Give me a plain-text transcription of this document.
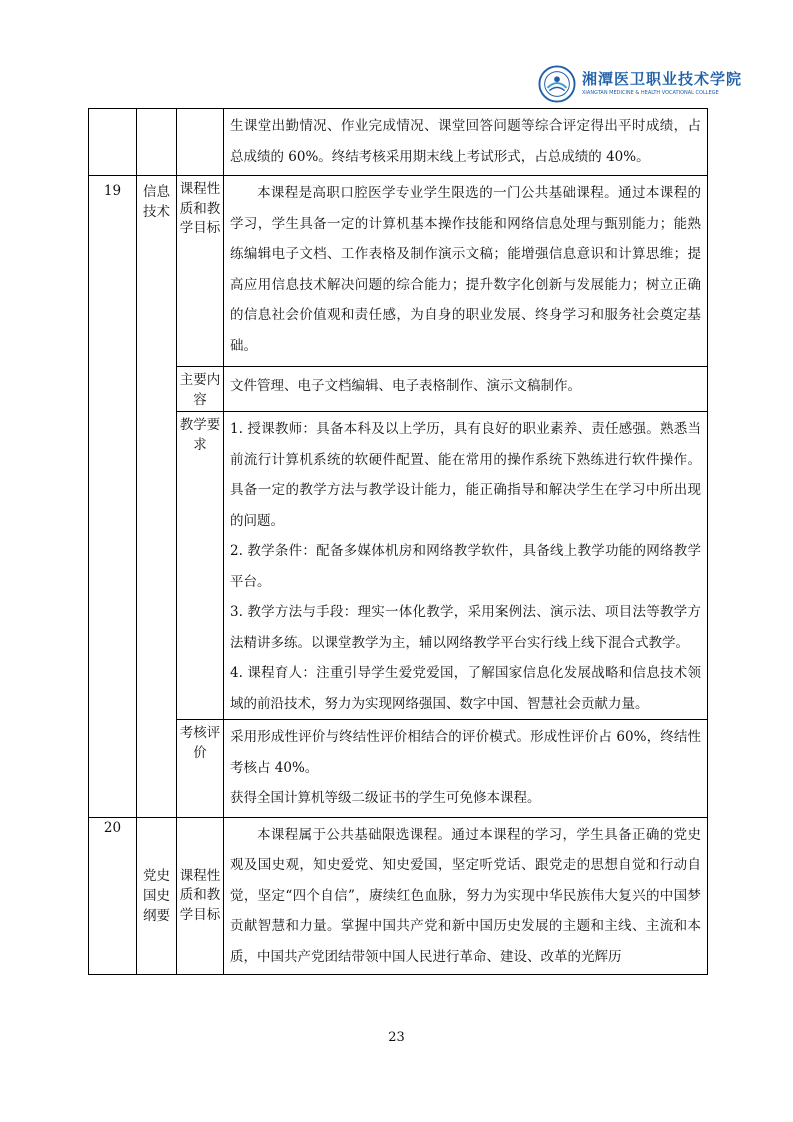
湘潭医卫职业技术学院
XIANGTAN MEDICINE & HEALTH VOCATIONAL COLLEGE

			生课堂出勤情况、作业完成情况、课堂回答问题等综合评定得出平时成绩，占总成绩的 60%。终结考核采用期末线上考试形式，占总成绩的 40%。

19	信息技术	课程性质和教学目标	本课程是高职口腔医学专业学生限选的一门公共基础课程。通过本课程的学习，学生具备一定的计算机基本操作技能和网络信息处理与甄别能力；能熟练编辑电子文档、工作表格及制作演示文稿；能增强信息意识和计算思维；提高应用信息技术解决问题的综合能力；提升数字化创新与发展能力；树立正确的信息社会价值观和责任感，为自身的职业发展、终身学习和服务社会奠定基础。

		主要内容	文件管理、电子文档编辑、电子表格制作、演示文稿制作。

		教学要求	1. 授课教师：具备本科及以上学历，具有良好的职业素养、责任感强。熟悉当前流行计算机系统的软硬件配置、能在常用的操作系统下熟练进行软件操作。具备一定的教学方法与教学设计能力，能正确指导和解决学生在学习中所出现的问题。

2. 教学条件：配备多媒体机房和网络教学软件，具备线上教学功能的网络教学平台。

3. 教学方法与手段：理实一体化教学，采用案例法、演示法、项目法等教学方法精讲多练。以课堂教学为主，辅以网络教学平台实行线上线下混合式教学。

4. 课程育人：注重引导学生爱党爱国，了解国家信息化发展战略和信息技术领域的前沿技术，努力为实现网络强国、数字中国、智慧社会贡献力量。

		考核评价	采用形成性评价与终结性评价相结合的评价模式。形成性评价占 60%，终结性考核占 40%。

获得全国计算机等级二级证书的学生可免修本课程。

20	党史国史纲要	课程性质和教学目标	本课程属于公共基础限选课程。通过本课程的学习，学生具备正确的党史观及国史观，知史爱党、知史爱国，坚定听党话、跟党走的思想自觉和行动自觉，坚定“四个自信”，赓续红色血脉，努力为实现中华民族伟大复兴的中国梦贡献智慧和力量。掌握中国共产党和新中国历史发展的主题和主线、主流和本质，中国共产党团结带领中国人民进行革命、建设、改革的光辉历

23
